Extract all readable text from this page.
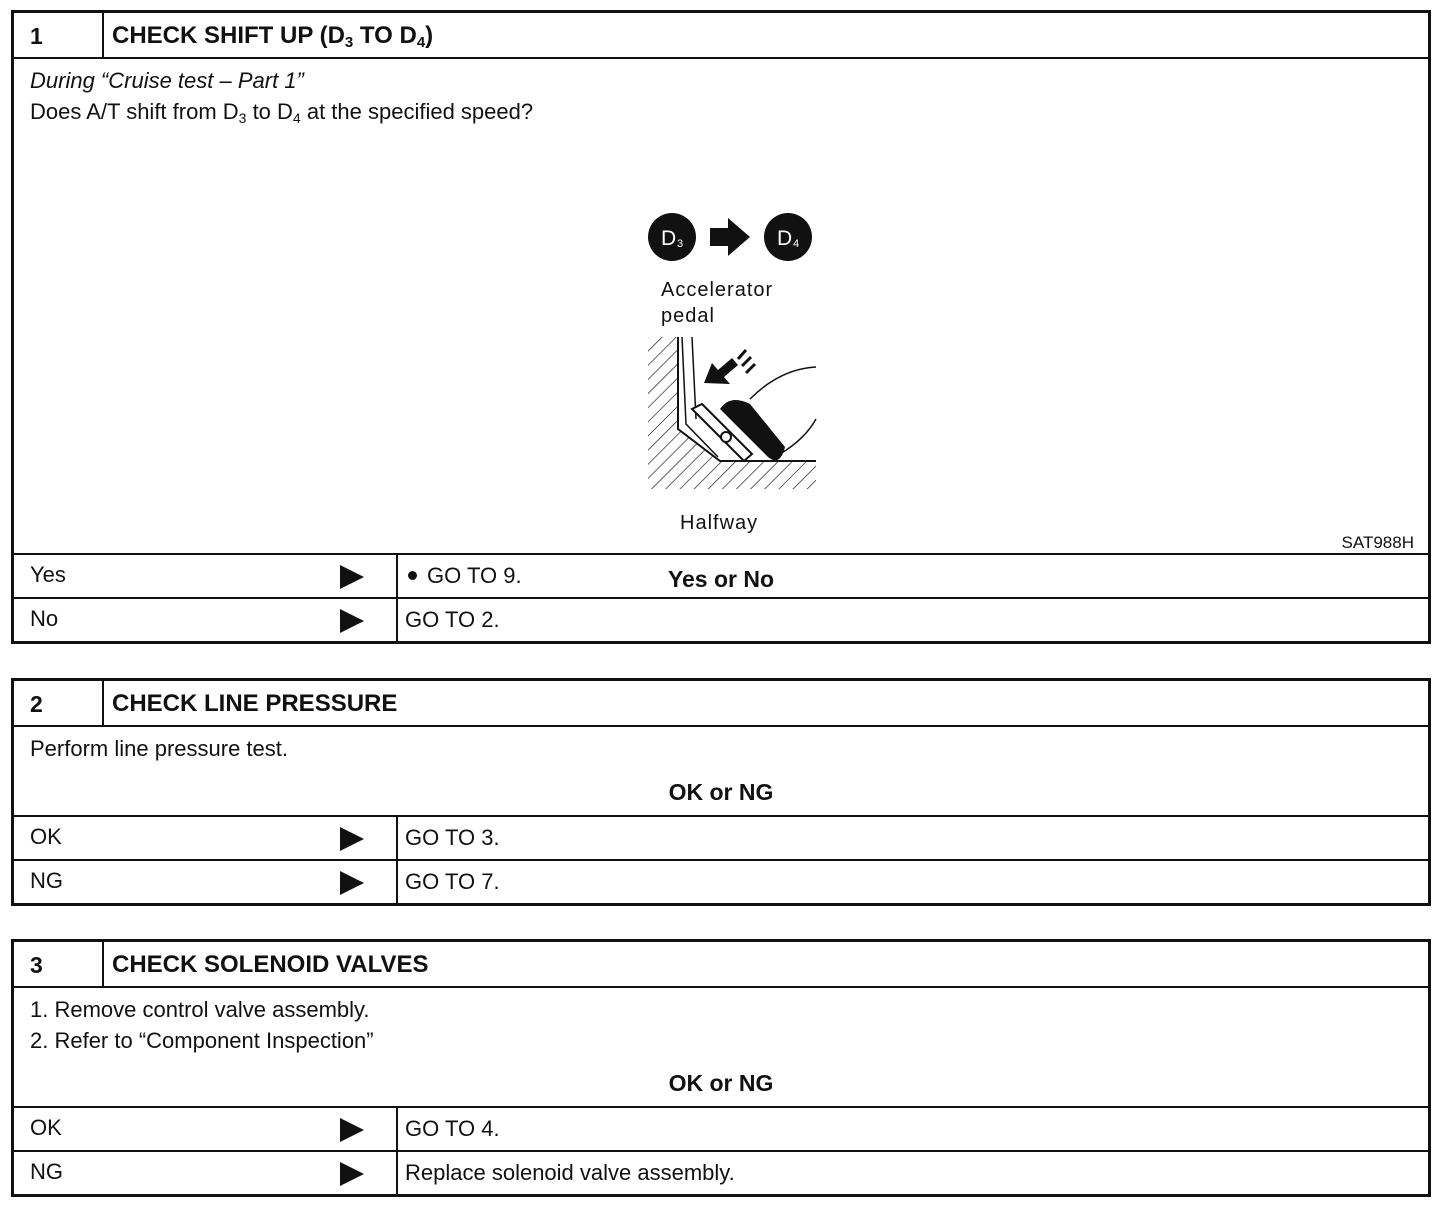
1	CHECK SHIFT UP ($D_3$ TO $D_4$)
During “Cruise test – Part 1”
Does A/T shift from $D_3$ to $D_4$ at the specified speed?
D 3	D 4
Accelerator
pedal
Halfway
SAT988H
Yes or No
Yes	GO TO 9.
No	GO TO 2.
2	CHECK LINE PRESSURE
Perform line pressure test.
OK or NG
OK	GO TO 3.
NG	GO TO 7.
3	CHECK SOLENOID VALVES
1. Remove control valve assembly.
2. Refer to “Component Inspection”
OK or NG
OK	GO TO 4.
NG	Replace solenoid valve assembly.
